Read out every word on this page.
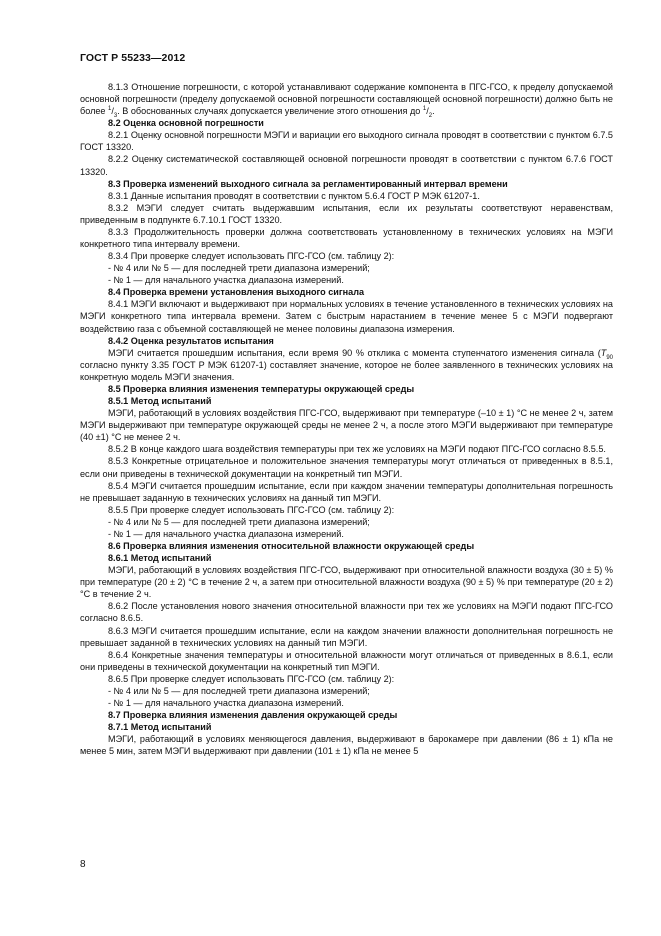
ГОСТ Р 55233—2012

8.1.3 Отношение погрешности, с которой устанавливают содержание компонента в ПГС-ГСО, к пределу допускаемой основной погрешности (пределу допускаемой основной погрешности составляющей основной погрешности) должно быть не более $^1/_3$. В обоснованных случаях допускается увеличение этого отношения до $^1/_2$.

8.2 Оценка основной погрешности

8.2.1 Оценку основной погрешности МЭГИ и вариации его выходного сигнала проводят в соответствии с пунктом 6.7.5 ГОСТ 13320.

8.2.2 Оценку систематической составляющей основной погрешности проводят в соответствии с пунктом 6.7.6 ГОСТ 13320.

8.3 Проверка изменений выходного сигнала за регламентированный интервал времени

8.3.1 Данные испытания проводят в соответствии с пунктом 5.6.4 ГОСТ Р МЭК 61207-1.

8.3.2 МЭГИ следует считать выдержавшим испытания, если их результаты соответствуют неравенствам, приведенным в подпункте 6.7.10.1 ГОСТ 13320.

8.3.3 Продолжительность проверки должна соответствовать установленному в технических условиях на МЭГИ конкретного типа интервалу времени.

8.3.4 При проверке следует использовать ПГС-ГСО (см. таблицу 2):

- № 4 или № 5 — для последней трети диапазона измерений;

- № 1 — для начального участка диапазона измерений.

8.4 Проверка времени установления выходного сигнала

8.4.1 МЭГИ включают и выдерживают при нормальных условиях в течение установленного в технических условиях на МЭГИ конкретного типа интервала времени. Затем с быстрым нарастанием в течение менее 5 с МЭГИ подвергают воздействию газа с объемной составляющей не менее половины диапазона измерения.

8.4.2 Оценка результатов испытания

МЭГИ считается прошедшим испытания, если время 90 % отклика с момента ступенчатого изменения сигнала ($T_{90}$ согласно пункту 3.35 ГОСТ Р МЭК 61207-1) составляет значение, которое не более заявленного в технических условиях на конкретную модель МЭГИ значения.

8.5 Проверка влияния изменения температуры окружающей среды

8.5.1 Метод испытаний

МЭГИ, работающий в условиях воздействия ПГС-ГСО, выдерживают при температуре (–10 ± 1) °С не менее 2 ч, затем МЭГИ выдерживают при температуре окружающей среды не менее 2 ч, а после этого МЭГИ выдерживают при температуре (40 ±1) °С не менее 2 ч.

8.5.2 В конце каждого шага воздействия температуры при тех же условиях на МЭГИ подают ПГС-ГСО согласно 8.5.5.

8.5.3 Конкретные отрицательное и положительное значения температуры могут отличаться от приведенных в 8.5.1, если они приведены в технической документации на конкретный тип МЭГИ.

8.5.4 МЭГИ считается прошедшим испытание, если при каждом значении температуры дополнительная погрешность не превышает заданную в технических условиях на данный тип МЭГИ.

8.5.5 При проверке следует использовать ПГС-ГСО (см. таблицу 2):

- № 4 или № 5 — для последней трети диапазона измерений;

- № 1 — для начального участка диапазона измерений.

8.6 Проверка влияния изменения относительной влажности окружающей среды

8.6.1 Метод испытаний

МЭГИ, работающий в условиях воздействия ПГС-ГСО, выдерживают при относительной влажности воздуха (30 ± 5) % при температуре (20 ± 2) °С в течение 2 ч, а затем при относительной влажности воздуха (90 ± 5) % при температуре (20 ± 2) °С в течение 2 ч.

8.6.2 После установления нового значения относительной влажности при тех же условиях на МЭГИ подают ПГС-ГСО согласно 8.6.5.

8.6.3 МЭГИ считается прошедшим испытание, если на каждом значении влажности дополнительная погрешность не превышает заданной в технических условиях на данный тип МЭГИ.

8.6.4 Конкретные значения температуры и относительной влажности могут отличаться от приведенных в 8.6.1, если они приведены в технической документации на конкретный тип МЭГИ.

8.6.5 При проверке следует использовать ПГС-ГСО (см. таблицу 2):

- № 4 или № 5 — для последней трети диапазона измерений;

- № 1 — для начального участка диапазона измерений.

8.7 Проверка влияния изменения давления окружающей среды

8.7.1 Метод испытаний

МЭГИ, работающий в условиях меняющегося давления, выдерживают в барокамере при давлении (86 ± 1) кПа не менее 5 мин, затем МЭГИ выдерживают при давлении (101 ± 1) кПа не менее 5

8
